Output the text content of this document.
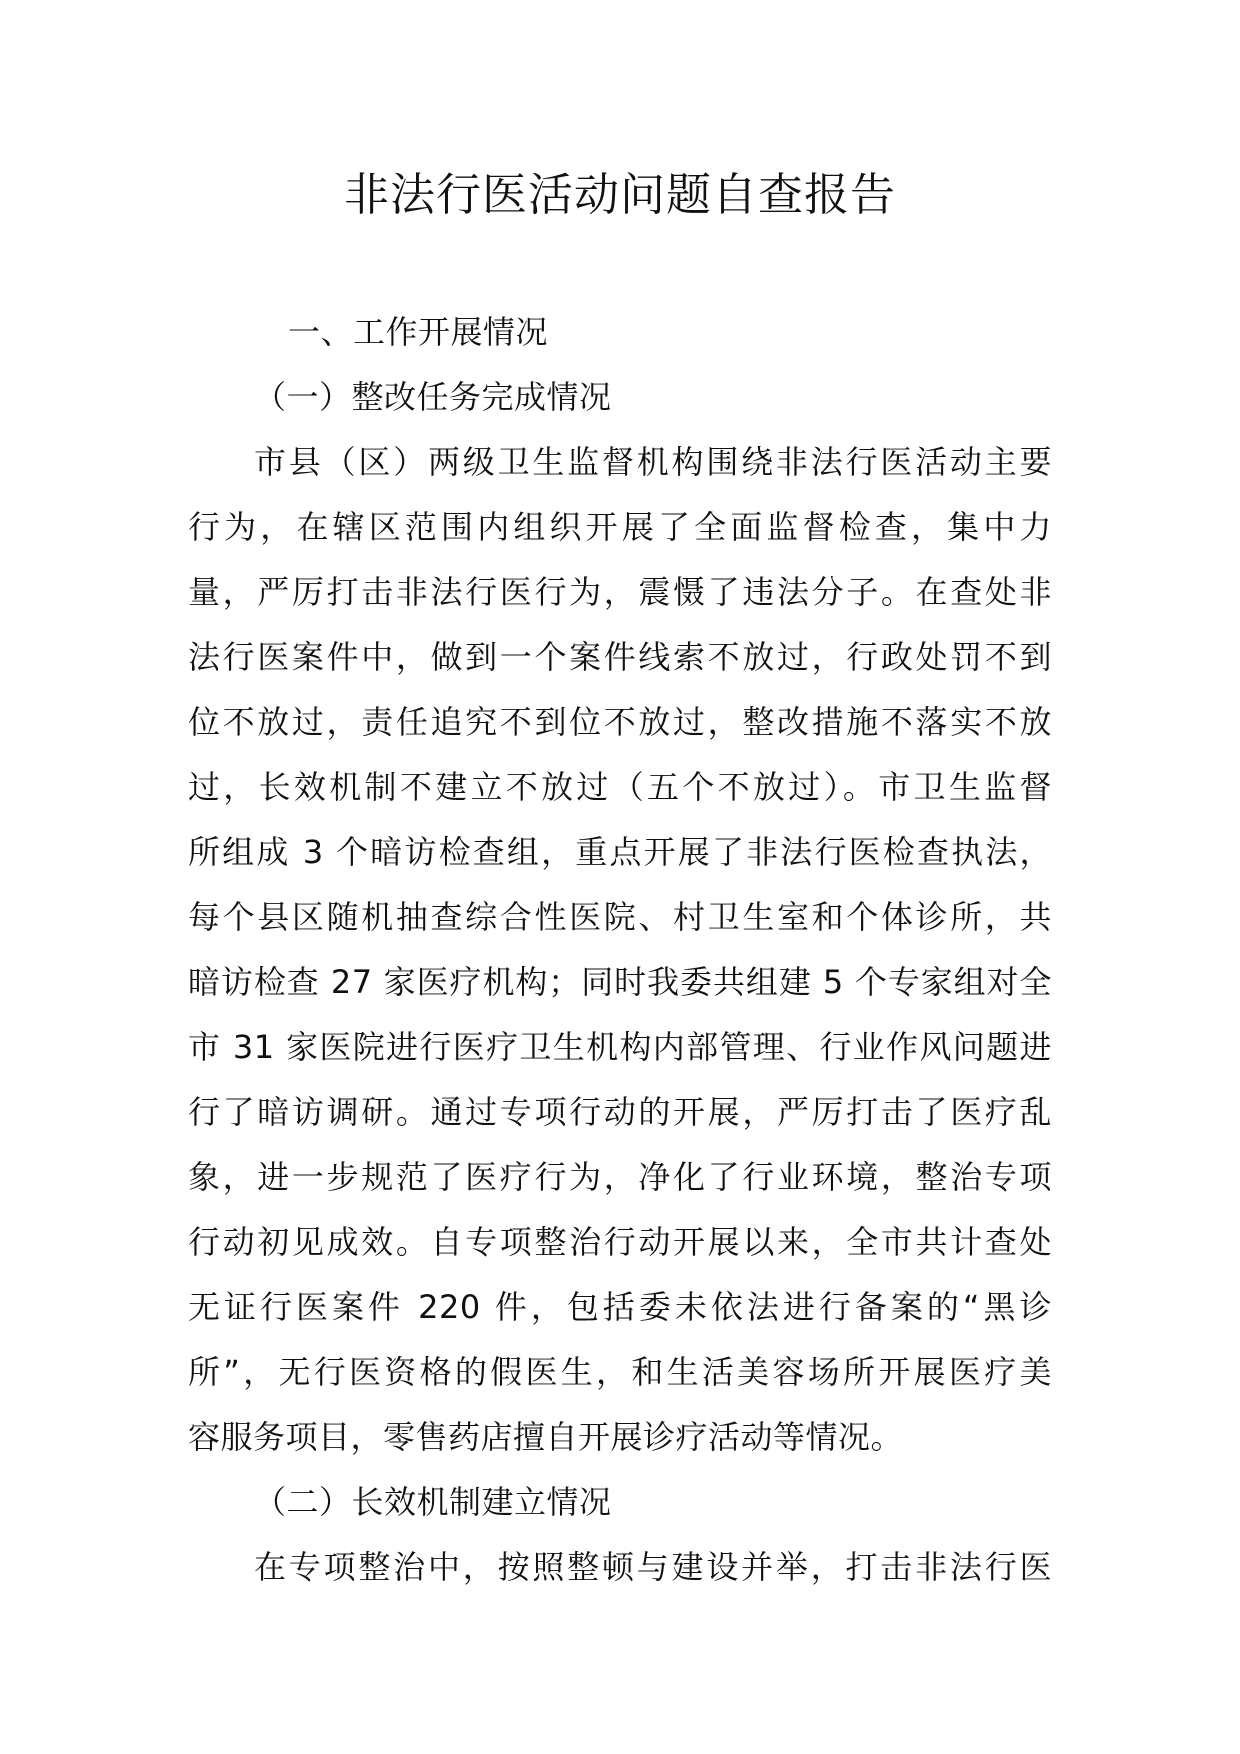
非法行医活动问题自查报告
一、工作开展情况
（一）整改任务完成情况
市县（区）两级卫生监督机构围绕非法行医活动主要
行为，在辖区范围内组织开展了全面监督检查，集中力
量，严厉打击非法行医行为，震慑了违法分子。在查处非
法行医案件中，做到一个案件线索不放过，行政处罚不到
位不放过，责任追究不到位不放过，整改措施不落实不放
过，长效机制不建立不放过（五个不放过）。市卫生监督
所组成 3 个暗访检查组，重点开展了非法行医检查执法，
每个县区随机抽查综合性医院、村卫生室和个体诊所，共
暗访检查 27 家医疗机构；同时我委共组建 5 个专家组对全
市 31 家医院进行医疗卫生机构内部管理、行业作风问题进
行了暗访调研。通过专项行动的开展，严厉打击了医疗乱
象，进一步规范了医疗行为，净化了行业环境，整治专项
行动初见成效。自专项整治行动开展以来，全市共计查处
无证行医案件 220 件，包括委未依法进行备案的“黑诊
所”，无行医资格的假医生，和生活美容场所开展医疗美
容服务项目，零售药店擅自开展诊疗活动等情况。
（二）长效机制建立情况
在专项整治中，按照整顿与建设并举，打击非法行医
